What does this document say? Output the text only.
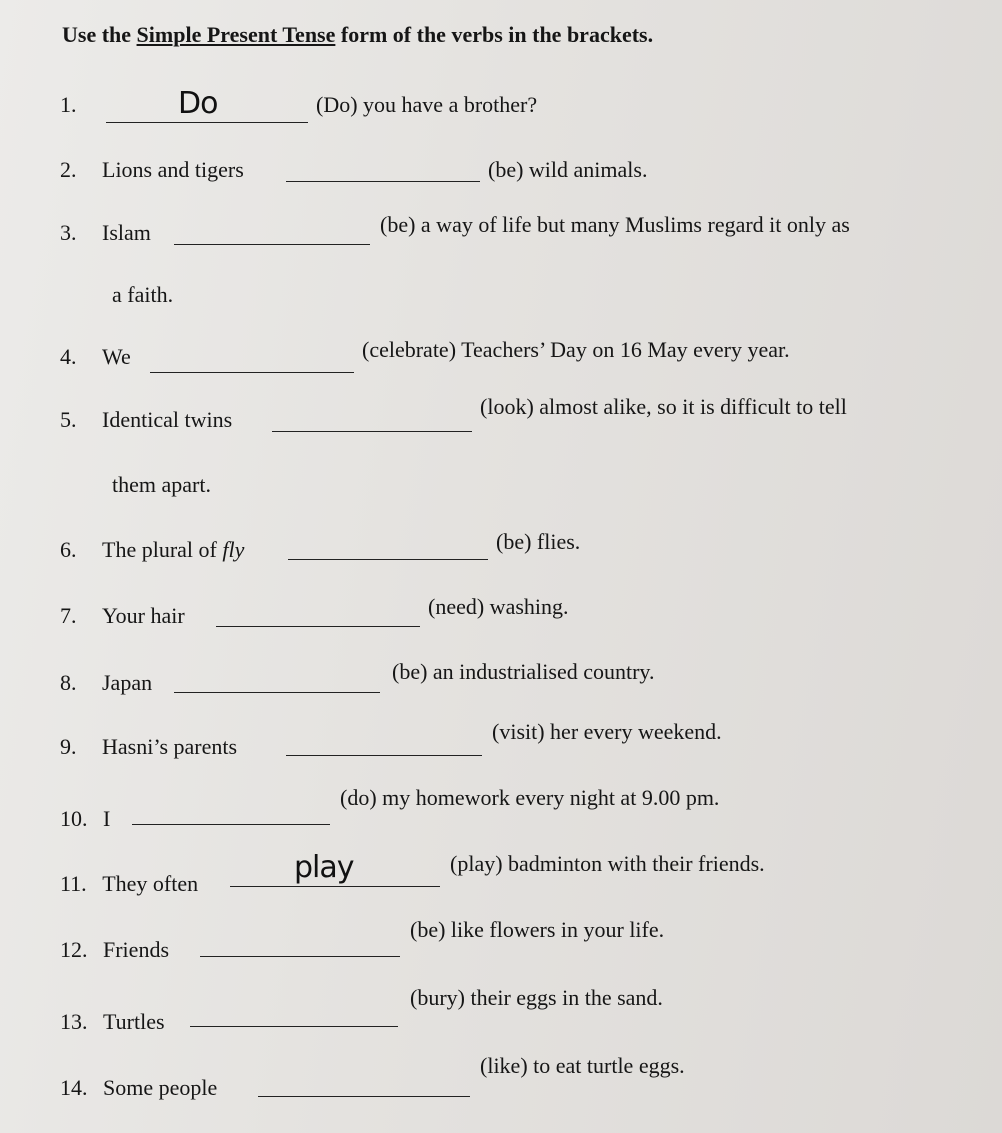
Use the Simple Present Tense form of the verbs in the brackets.
1.	Do	(Do) you have a brother?
2. Lions and tigers	(be) wild animals.
3. Islam	(be) a way of life but many Muslims regard it only as
a faith.
4. We	(celebrate) Teachers’ Day on 16 May every year.
5. Identical twins
(look) almost alike, so it is difficult to tell
them apart.
6. The plural of fly	(be) flies.
7. Your hair	(need) washing.
8. Japan	(be) an industrialised country.
9. Hasni’s parents
(visit) her every weekend.
10. I
(do) my homework every night at 9.00 pm.
11. They often	play	(play) badminton with their friends.
12. Friends
(be) like flowers in your life.
13. Turtles
(bury) their eggs in the sand.
14. Some people
(like) to eat turtle eggs.
